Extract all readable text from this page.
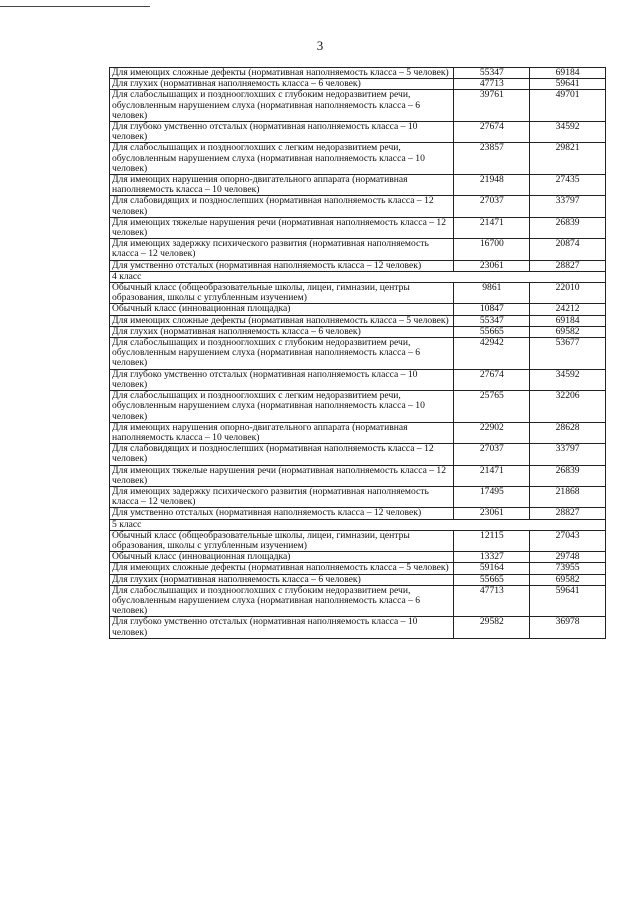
3
Для имеющих сложные дефекты (нормативная наполняемость класса – 5 человек)	55347	69184
Для глухих (нормативная наполняемость класса – 6 человек)	47713	59641
Для слабослышащих и позднооглохших с глубоким недоразвитием речи, обусловленным нарушением слуха (нормативная наполняемость класса – 6 человек)	39761	49701
Для глубоко умственно отсталых (нормативная наполняемость класса – 10 человек)	27674	34592
Для слабослышащих и позднооглохших с легким недоразвитием речи, обусловленным нарушением слуха (нормативная наполняемость класса – 10 человек)	23857	29821
Для имеющих нарушения опорно-двигательного аппарата (нормативная наполняемость класса – 10 человек)	21948	27435
Для слабовидящих и позднослепших (нормативная наполняемость класса – 12 человек)	27037	33797
Для имеющих тяжелые нарушения речи (нормативная наполняемость класса – 12 человек)	21471	26839
Для имеющих задержку психического развития (нормативная наполняемость класса – 12 человек)	16700	20874
Для умственно отсталых (нормативная наполняемость класса – 12 человек)	23061	28827
4 класс		
Обычный класс (общеобразовательные школы, лицеи, гимназии, центры образования, школы с углубленным изучением)	9861	22010
Обычный класс (инновационная площадка)	10847	24212
Для имеющих сложные дефекты (нормативная наполняемость класса – 5 человек)	55347	69184
Для глухих (нормативная наполняемость класса – 6 человек)	55665	69582
Для слабослышащих и позднооглохших с глубоким недоразвитием речи, обусловленным нарушением слуха (нормативная наполняемость класса – 6 человек)	42942	53677
Для глубоко умственно отсталых (нормативная наполняемость класса – 10 человек)	27674	34592
Для слабослышащих и позднооглохших с легким недоразвитием речи, обусловленным нарушением слуха (нормативная наполняемость класса – 10 человек)	25765	32206
Для имеющих нарушения опорно-двигательного аппарата (нормативная наполняемость класса – 10 человек)	22902	28628
Для слабовидящих и позднослепших (нормативная наполняемость класса – 12 человек)	27037	33797
Для имеющих тяжелые нарушения речи (нормативная наполняемость класса – 12 человек)	21471	26839
Для имеющих задержку психического развития (нормативная наполняемость класса – 12 человек)	17495	21868
Для умственно отсталых (нормативная наполняемость класса – 12 человек)	23061	28827
5 класс		
Обычный класс (общеобразовательные школы, лицеи, гимназии, центры образования, школы с углубленным изучением)	12115	27043
Обычный класс (инновационная площадка)	13327	29748
Для имеющих сложные дефекты (нормативная наполняемость класса – 5 человек)	59164	73955
Для глухих (нормативная наполняемость класса – 6 человек)	55665	69582
Для слабослышащих и позднооглохших с глубоким недоразвитием речи, обусловленным нарушением слуха (нормативная наполняемость класса – 6 человек)	47713	59641
Для глубоко умственно отсталых (нормативная наполняемость класса – 10 человек)	29582	36978
